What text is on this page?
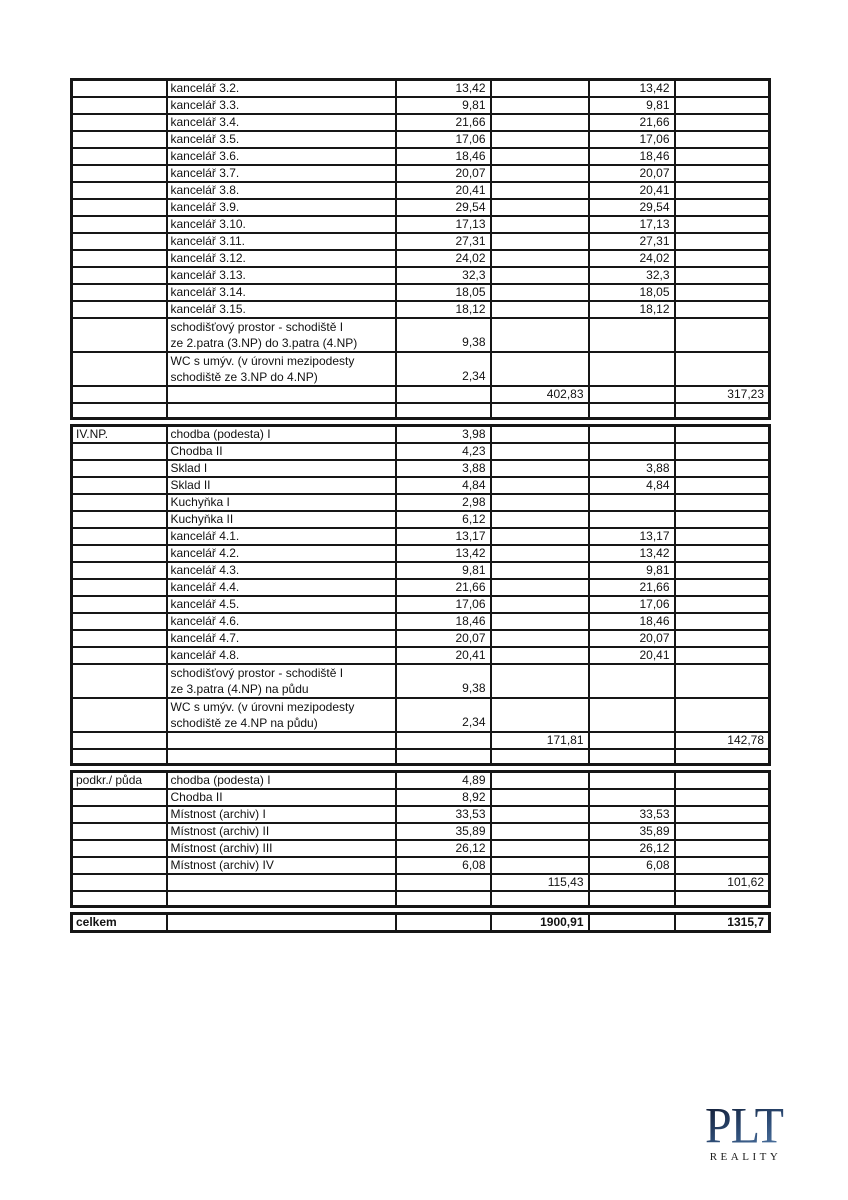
	kancelář 3.2.	13,42		13,42	
	kancelář 3.3.	9,81		9,81	
	kancelář 3.4.	21,66		21,66	
	kancelář 3.5.	17,06		17,06	
	kancelář 3.6.	18,46		18,46	
	kancelář 3.7.	20,07		20,07	
	kancelář 3.8.	20,41		20,41	
	kancelář 3.9.	29,54		29,54	
	kancelář 3.10.	17,13		17,13	
	kancelář 3.11.	27,31		27,31	
	kancelář 3.12.	24,02		24,02	
	kancelář 3.13.	32,3		32,3	
	kancelář 3.14.	18,05		18,05	
	kancelář 3.15.	18,12		18,12	

	schodišťový prostor - schodiště I
ze 2.patra (3.NP) do 3.patra (4.NP)	9,38			

	WC s umýv. (v úrovni mezipodesty
schodiště ze 3.NP do 4.NP)	2,34			
			402,83		317,23

IV.NP.	chodba (podesta) I	3,98			
	Chodba II	4,23			
	Sklad I	3,88		3,88	
	Sklad II	4,84		4,84	
	Kuchyňka I	2,98			
	Kuchyňka II	6,12			
	kancelář 4.1.	13,17		13,17	
	kancelář 4.2.	13,42		13,42	
	kancelář 4.3.	9,81		9,81	
	kancelář 4.4.	21,66		21,66	
	kancelář 4.5.	17,06		17,06	
	kancelář 4.6.	18,46		18,46	
	kancelář 4.7.	20,07		20,07	
	kancelář 4.8.	20,41		20,41	

	schodišťový prostor - schodiště I
ze 3.patra (4.NP) na půdu	9,38			

	WC s umýv. (v úrovni mezipodesty
schodiště ze 4.NP na půdu)	2,34			
			171,81		142,78

podkr./ půda	chodba (podesta) I	4,89			
	Chodba II	8,92			
	Místnost (archiv) I	33,53		33,53	
	Místnost (archiv) II	35,89		35,89	
	Místnost (archiv) III	26,12		26,12	
	Místnost (archiv) IV	6,08		6,08	
			115,43		101,62

celkem			1900,91		1315,7
PLT
REALITY
